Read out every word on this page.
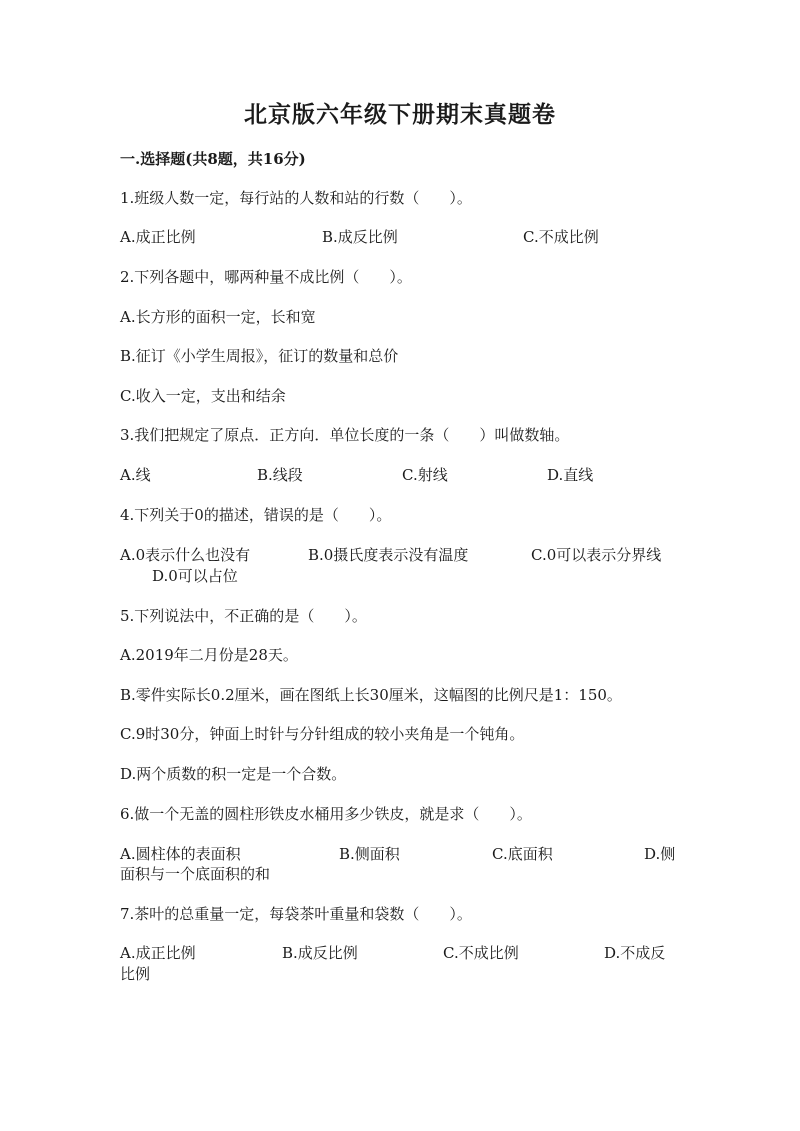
北京版六年级下册期末真题卷
一.选择题(共8题，共16分)
1.班级人数一定，每行站的人数和站的行数（　　）。
A.成正比例	B.成反比例	C.不成比例
2.下列各题中，哪两种量不成比例（　　）。
A.长方形的面积一定，长和宽
B.征订《小学生周报》，征订的数量和总价
C.收入一定，支出和结余
3.我们把规定了原点．正方向．单位长度的一条（　　）叫做数轴。
A.线	B.线段	C.射线	D.直线
4.下列关于0的描述，错误的是（　　）。
A.0表示什么也没有	B.0摄氏度表示没有温度	C.0可以表示分界线
D.0可以占位
5.下列说法中，不正确的是（　　）。
A.2019年二月份是28天。
B.零件实际长0.2厘米，画在图纸上长30厘米，这幅图的比例尺是1：150。
C.9时30分，钟面上时针与分针组成的较小夹角是一个钝角。
D.两个质数的积一定是一个合数。
6.做一个无盖的圆柱形铁皮水桶用多少铁皮，就是求（　　）。
A.圆柱体的表面积	B.侧面积	C.底面积	D.侧
面积与一个底面积的和
7.茶叶的总重量一定，每袋茶叶重量和袋数（　　）。
A.成正比例	B.成反比例	C.不成比例	D.不成反
比例
